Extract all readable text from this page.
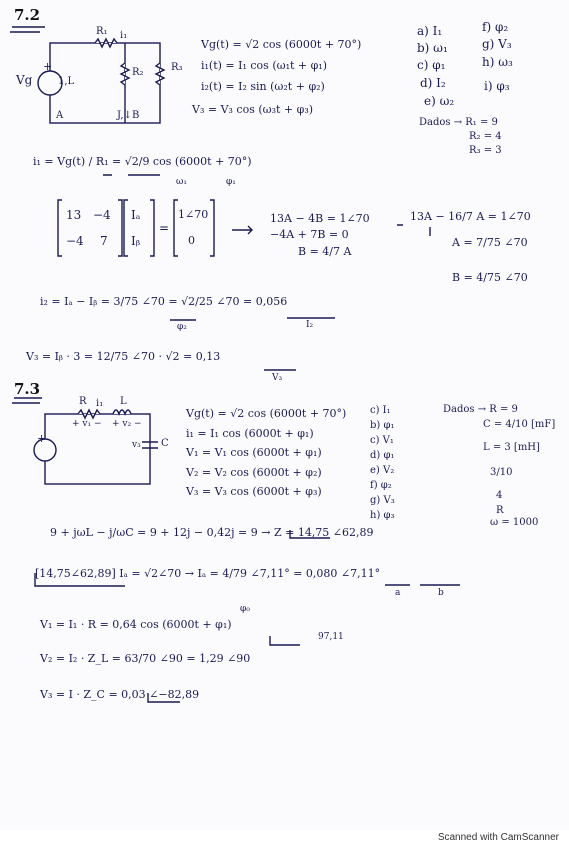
+
+
7.2
Vg	1,L
R₁ i₁
R₂	R₃
A	J,↓B
Vg(t) = √2 cos (6000t + 70°)
i₁(t) = I₁ cos (ω₁t + φ₁)
i₂(t) = I₂ sin (ω₂t + φ₂)
V₃ = V₃ cos (ω₃t + φ₃)
a) I₁
b) ω₁
c) φ₁
d) I₂
e) ω₂
f) φ₂
g) V₃
h) ω₃
i) φ₃
Dados → R₁ = 9
R₂ = 4
R₃ = 3
i₁ = Vg(t) / R₁ = √2/9 cos (6000t + 70°)
ω₁	φ₁
13 −4
−4 7
Iₐ
Iᵦ
=
1∠70
0
13A − 4B = 1∠70
−4A + 7B = 0
B = 4/7 A
13A − 16/7 A = 1∠70
A = 7/75 ∠70
B = 4/75 ∠70
i₂ = Iₐ − Iᵦ = 3/75 ∠70 = √2/25 ∠70 = 0,056
φ₂	I₂
V₃ = Iᵦ · 3 = 12/75 ∠70 · √2 = 0,13
V₃
7.3
R i₁ L
+ v₁ − + v₂ −
v₃ C
Vg(t) = √2 cos (6000t + 70°)
i₁ = I₁ cos (6000t + φ₁)
V₁ = V₁ cos (6000t + φ₁)
V₂ = V₂ cos (6000t + φ₂)
V₃ = V₃ cos (6000t + φ₃)
c) I₁
b) φ₁
c) V₁
d) φ₁
e) V₂
f) φ₂
g) V₃
h) φ₃
Dados → R = 9
C = 4/10 [mF]
L = 3 [mH]
3/10
4
R
ω = 1000
9 + jωL − j/ωC = 9 + 12j − 0,42j = 9 → Z = 14,75 ∠62,89
[14,75∠62,89] Iₐ = √2∠70 → Iₐ = 4/79 ∠7,11° = 0,080 ∠7,11°
a	b
V₁ = I₁ · R = 0,64 cos (6000t + φ₁)
φ₀
V₂ = I₂ · Z_L = 63/70 ∠90 = 1,29 ∠90
97,11
V₃ = I · Z_C = 0,03 ∠−82,89
Scanned with CamScanner
